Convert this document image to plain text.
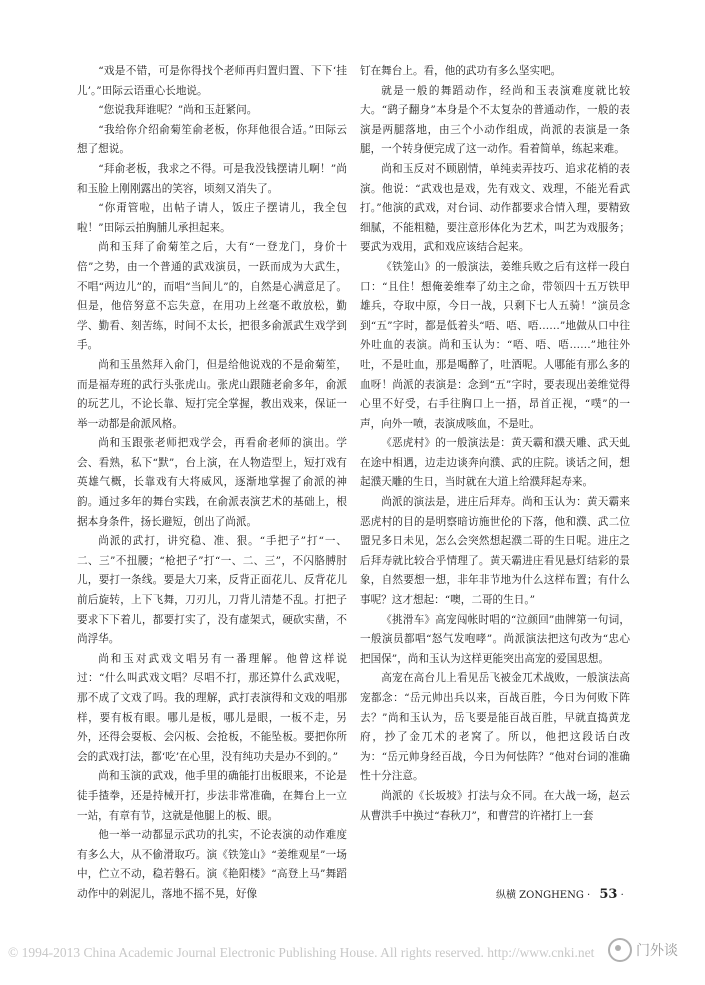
“戏是不错，可是你得找个老师再归置归置、下下‘挂儿’。”田际云语重心长地说。

“您说我拜谁呢？”尚和玉赶紧问。

“我给你介绍俞菊笙俞老板，你拜他很合适。”田际云想了想说。

“拜俞老板，我求之不得。可是我没钱摆请儿啊！”尚和玉脸上刚刚露出的笑容，顷刻又消失了。

“你甭管啦，出帖子请人，饭庄子摆请儿，我全包啦！”田际云拍胸脯儿承担起来。

尚和玉拜了俞菊笙之后，大有“一登龙门，身价十倍”之势，由一个普通的武戏演员，一跃而成为大武生，不唱“两边儿”的，而唱“当间儿”的，自然是心满意足了。但是，他倍努意不忘失意，在用功上丝毫不敢放松，勤学、勤看、刻苦练，时间不太长，把很多俞派武生戏学到手。

尚和玉虽然拜入俞门，但是给他说戏的不是俞菊笙，而是福寿班的武行头张虎山。张虎山跟随老俞多年，俞派的玩艺儿，不论长靠、短打完全掌握，教出戏来，保证一举一动都是俞派风格。

尚和玉跟张老师把戏学会，再看俞老师的演出。学会、看熟，私下“默”，台上演，在人物造型上，短打戏有英雄气概，长靠戏有大将威风，逐渐地掌握了俞派的神韵。通过多年的舞台实践，在俞派表演艺术的基础上，根据本身条件，扬长避短，创出了尚派。

尚派的武打，讲究稳、准、狠。“手把子”打“一、二、三”不扭腰；“枪把子”打“一、二、三”，不闪胳膊肘儿，要打一条线。要是大刀来，反背正面花儿、反背花儿前后旋转，上下飞舞，刀刃儿，刀背儿清楚不乱。打把子要求下下着儿，都要打实了，没有虚架式，硬砍实凿，不尚浮华。

尚和玉对武戏文唱另有一番理解。他曾这样说过：“什么叫武戏文唱？尽唱不打，那还算什么武戏呢，那不成了文戏了吗。我的理解，武打表演得和文戏的唱那样，要有板有眼。哪儿是板，哪儿是眼，一板不走，另外，还得会耍板、会闪板、会抢板，不能坠板。要把你所会的武戏打法，都‘吃’在心里，没有纯功夫是办不到的。”

尚和玉演的武戏，他手里的确能打出板眼来，不论是徒手揸拳，还是持械开打，步法非常准确，在舞台上一立一站，有章有节，这就是他腿上的板、眼。

他一举一动都显示武功的扎实，不论表演的动作难度有多么大，从不偷滑取巧。演《铁笼山》“姜维观星”一场中，伫立不动，稳若磐石。演《艳阳楼》“高登上马”舞蹈动作中的剁泥儿，落地不摇不晃，好像

钉在舞台上。看，他的武功有多么坚实吧。

就是一般的舞蹈动作，经尚和玉表演难度就比较大。“鹞子翻身”本身是个不太复杂的普通动作，一般的表演是两腿落地，由三个小动作组成，尚派的表演是一条腿，一个转身便完成了这一动作。看着简单，练起来难。

尚和玉反对不顾剧情，单纯卖弄技巧、追求花梢的表演。他说：“武戏也是戏，先有戏文、戏理，不能光看武打。”他演的武戏，对台词、动作都要求合情入理，要精致细腻，不能粗糙，要注意形体化为艺术，叫艺为戏服务；要武为戏用，武和戏应该结合起来。

《铁笼山》的一般演法，姜维兵败之后有这样一段白口：“且住！想俺姜维奉了幼主之命，带领四十五万铁甲雄兵，夺取中原，今日一战，只剩下七人五骑！”演员念到“五”字时，都是低着头“唔、唔、唔……”地做从口中往外吐血的表演。尚和玉认为：“唔、唔、唔……”地往外吐，不是吐血，那是喝醉了，吐酒呢。人哪能有那么多的血呀！尚派的表演是：念到“五”字时，要表现出姜维觉得心里不好受，右手往胸口上一捂，昂首正视，“噗”的一声，向外一喷，表演成咳血，不是吐。

《恶虎村》的一般演法是：黄天霸和濮天雕、武天虬在途中相遇，边走边谈奔向濮、武的庄院。谈话之间，想起濮天雕的生日，当时就在大道上给濮拜起寿来。

尚派的演法是，进庄后拜寿。尚和玉认为：黄天霸来恶虎村的目的是明察暗访施世伦的下落，他和濮、武二位盟兄多日未见，怎么会突然想起濮二哥的生日呢。进庄之后拜寿就比较合乎情理了。黄天霸进庄看见悬灯结彩的景象，自然要想一想，非年非节地为什么这样布置；有什么事呢？这才想起：“噢，二哥的生日。”

《挑滑车》高宠闯帐时唱的“泣颜回”曲牌第一句词，一般演员都唱“怒气发咆哮”。尚派演法把这句改为“忠心把国保”，尚和玉认为这样更能突出高宠的爱国思想。

高宠在高台儿上看见岳飞被金兀术战败，一般演法高宠都念：“岳元帅出兵以来，百战百胜，今日为何败下阵去？”尚和玉认为，岳飞要是能百战百胜，早就直捣黄龙府，抄了金兀术的老窝了。所以，他把这段话白改为：“岳元帅身经百战，今日为何怯阵？”他对台词的准确性十分注意。

尚派的《长坂坡》打法与众不同。在大战一场，赵云从曹洪手中换过“春秋刀”，和曹营的许褚打上一套

纵横 ZONGHENG · 53 ·
© 1994-2013 China Academic Journal Electronic Publishing House. All rights reserved. http://www.cnki.net	门外谈
